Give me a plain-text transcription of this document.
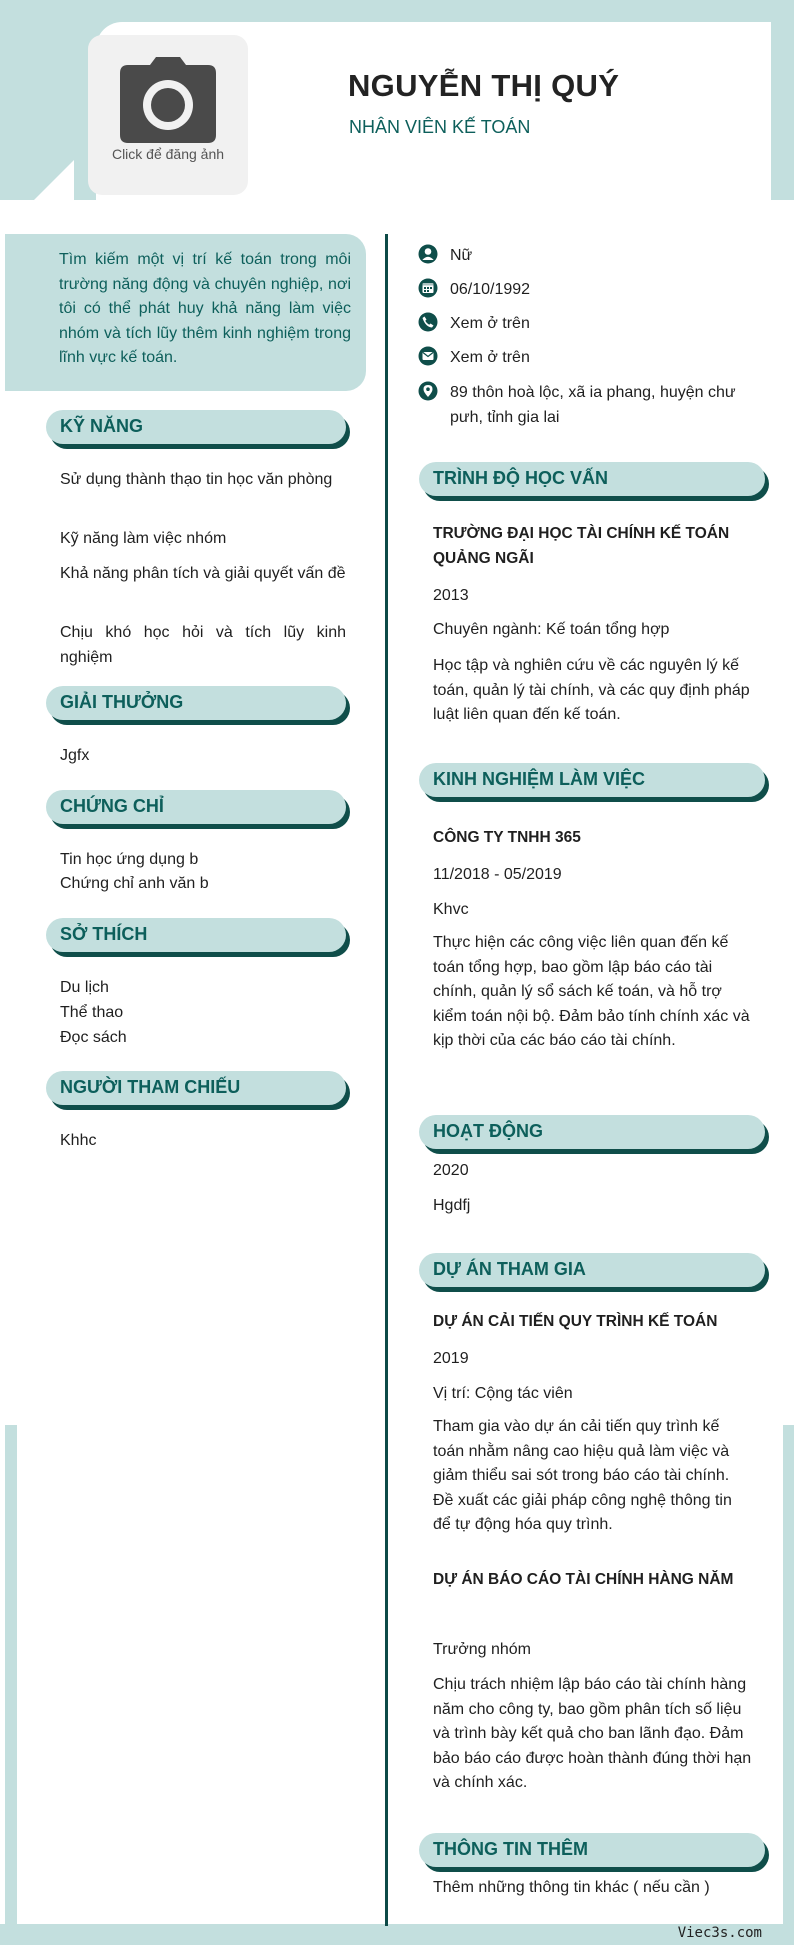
Viec3s.com
Click để đăng ảnh
NGUYỄN THỊ QUÝ
NHÂN VIÊN KẾ TOÁN

Tìm kiếm một vị trí kế toán trong môi trường năng động và chuyên nghiệp, nơi tôi có thể phát huy khả năng làm việc nhóm và tích lũy thêm kinh nghiệm trong lĩnh vực kế toán.

Nữ
06/10/1992
Xem ở trên
Xem ở trên
89 thôn hoà lộc, xã ia phang, huyện chư pưh, tỉnh gia lai
KỸ NĂNG
Sử dụng thành thạo tin học văn phòng
Kỹ năng làm việc nhóm
Khả năng phân tích và giải quyết vấn đề
Chịu khó học hỏi và tích lũy kinh nghiệm
GIẢI THƯỞNG
Jgfx
CHỨNG CHỈ
Tin học ứng dụng b
Chứng chỉ anh văn b
SỞ THÍCH
Du lịch
Thể thao
Đọc sách
NGƯỜI THAM CHIẾU
Khhc
TRÌNH ĐỘ HỌC VẤN
TRƯỜNG ĐẠI HỌC TÀI CHÍNH KẾ TOÁN QUẢNG NGÃI
2013
Chuyên ngành: Kế toán tổng hợp
Học tập và nghiên cứu về các nguyên lý kế toán, quản lý tài chính, và các quy định pháp luật liên quan đến kế toán.
KINH NGHIỆM LÀM VIỆC
CÔNG TY TNHH 365
11/2018 - 05/2019
Khvc
Thực hiện các công việc liên quan đến kế toán tổng hợp, bao gồm lập báo cáo tài chính, quản lý sổ sách kế toán, và hỗ trợ kiểm toán nội bộ. Đảm bảo tính chính xác và kịp thời của các báo cáo tài chính.
HOẠT ĐỘNG
2020
Hgdfj
DỰ ÁN THAM GIA
DỰ ÁN CẢI TIẾN QUY TRÌNH KẾ TOÁN
2019
Vị trí: Cộng tác viên
Tham gia vào dự án cải tiến quy trình kế toán nhằm nâng cao hiệu quả làm việc và giảm thiểu sai sót trong báo cáo tài chính. Đề xuất các giải pháp công nghệ thông tin để tự động hóa quy trình.
DỰ ÁN BÁO CÁO TÀI CHÍNH HÀNG NĂM
Trưởng nhóm
Chịu trách nhiệm lập báo cáo tài chính hàng năm cho công ty, bao gồm phân tích số liệu và trình bày kết quả cho ban lãnh đạo. Đảm bảo báo cáo được hoàn thành đúng thời hạn và chính xác.
THÔNG TIN THÊM
Thêm những thông tin khác ( nếu cần )
